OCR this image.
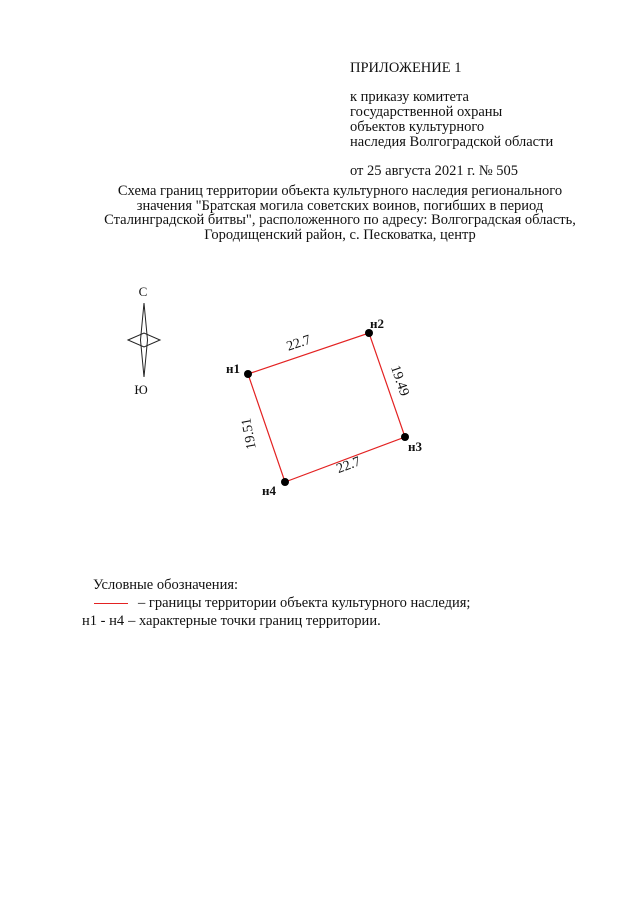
ПРИЛОЖЕНИЕ 1
к приказу комитета
государственной охраны
объектов культурного
наследия Волгоградской области
от 25 августа 2021 г. № 505
Схема границ территории объекта культурного наследия регионального
значения "Братская могила советских воинов, погибших в период
Сталинградской битвы", расположенного по адресу: Волгоградская область,
Городищенский район, с. Песковатка, центр
С
Ю
н1
н2
н3
н4
22.7
19.49
22.7
19.51
Условные обозначения:
– границы территории объекта культурного наследия;
н1 - н4 – характерные точки границ территории.
